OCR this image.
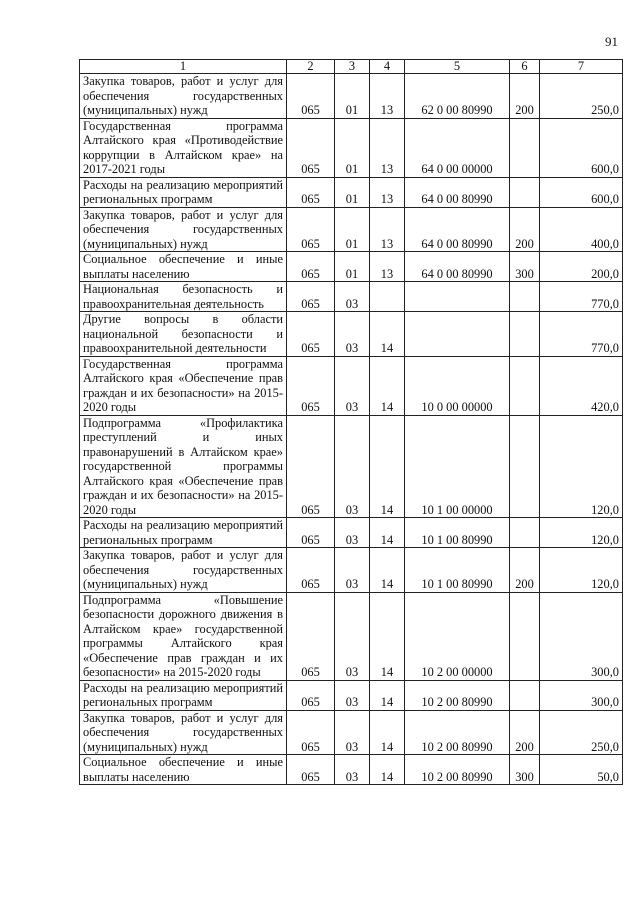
91
1	2	3	4	5	6	7
Закупка товаров, работ и услуг для обеспечения государственных (муниципальных) нужд	065	01	13	62 0 00 80990	200	250,0
Государственная программа Алтайского края «Противодействие коррупции в Алтайском крае» на 2017-2021 годы	065	01	13	64 0 00 00000		600,0
Расходы на реализацию мероприятий региональных программ	065	01	13	64 0 00 80990		600,0
Закупка товаров, работ и услуг для обеспечения государственных (муниципальных) нужд	065	01	13	64 0 00 80990	200	400,0
Социальное обеспечение и иные выплаты населению	065	01	13	64 0 00 80990	300	200,0
Национальная безопасность и правоохранительная деятельность	065	03				770,0
Другие вопросы в области национальной безопасности и правоохранительной деятельности	065	03	14			770,0
Государственная программа Алтайского края «Обеспечение прав граждан и их безопасности» на 2015-2020 годы	065	03	14	10 0 00 00000		420,0
Подпрограмма «Профилактика преступлений и иных правонарушений в Алтайском крае» государственной программы Алтайского края «Обеспечение прав граждан и их безопасности» на 2015-2020 годы	065	03	14	10 1 00 00000		120,0
Расходы на реализацию мероприятий региональных программ	065	03	14	10 1 00 80990		120,0
Закупка товаров, работ и услуг для обеспечения государственных (муниципальных) нужд	065	03	14	10 1 00 80990	200	120,0
Подпрограмма «Повышение безопасности дорожного движения в Алтайском крае» государственной программы Алтайского края «Обеспечение прав граждан и их безопасности» на 2015-2020 годы	065	03	14	10 2 00 00000		300,0
Расходы на реализацию мероприятий региональных программ	065	03	14	10 2 00 80990		300,0
Закупка товаров, работ и услуг для обеспечения государственных (муниципальных) нужд	065	03	14	10 2 00 80990	200	250,0
Социальное обеспечение и иные выплаты населению	065	03	14	10 2 00 80990	300	50,0
